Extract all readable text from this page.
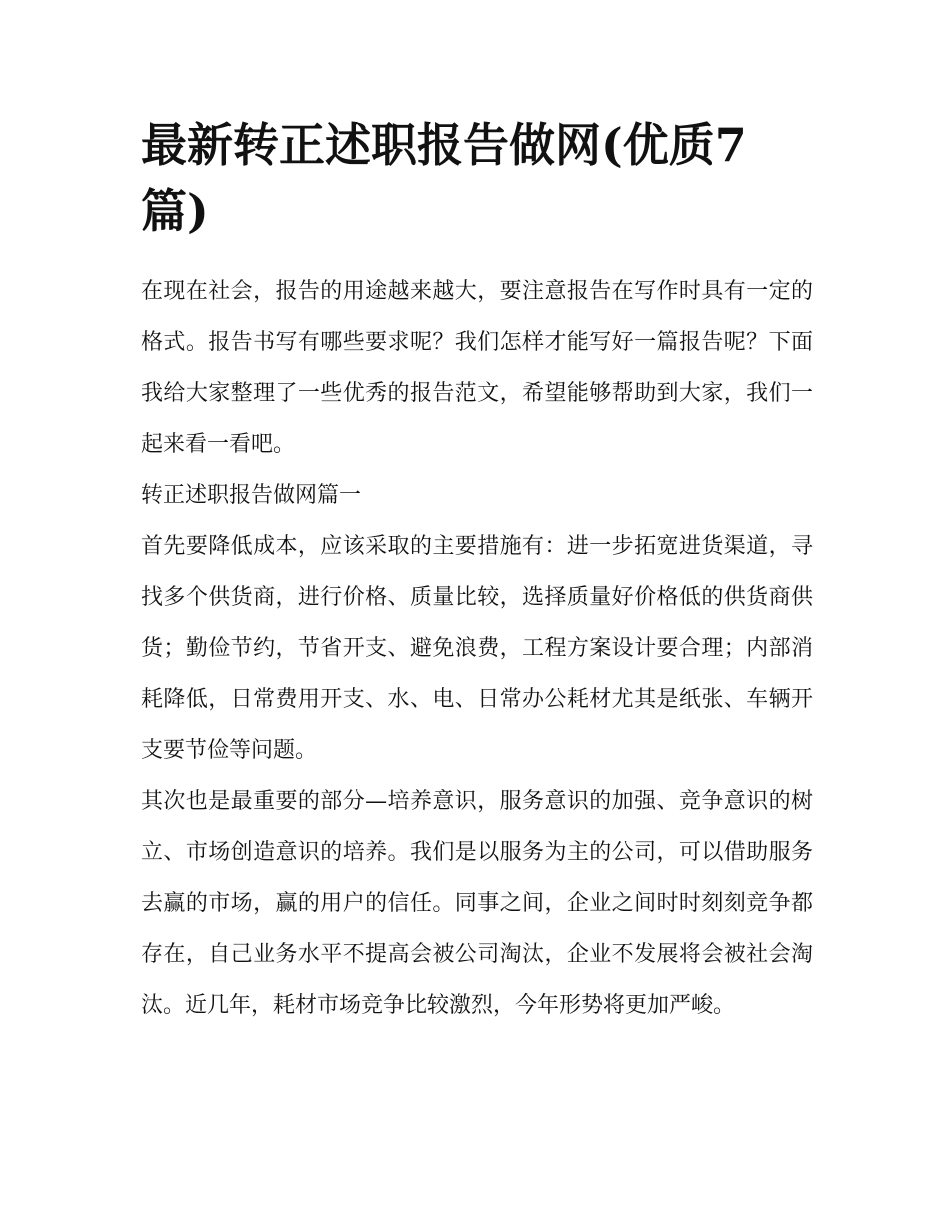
最新转正述职报告做网(优质7篇)

在现在社会，报告的用途越来越大，要注意报告在写作时具有一定的格式。报告书写有哪些要求呢？我们怎样才能写好一篇报告呢？下面我给大家整理了一些优秀的报告范文，希望能够帮助到大家，我们一起来看一看吧。

转正述职报告做网篇一

首先要降低成本，应该采取的主要措施有：进一步拓宽进货渠道，寻找多个供货商，进行价格、质量比较，选择质量好价格低的供货商供货；勤俭节约，节省开支、避免浪费，工程方案设计要合理；内部消耗降低，日常费用开支、水、电、日常办公耗材尤其是纸张、车辆开支要节俭等问题。

其次也是最重要的部分—培养意识，服务意识的加强、竞争意识的树立、市场创造意识的培养。我们是以服务为主的公司，可以借助服务去赢的市场，赢的用户的信任。同事之间，企业之间时时刻刻竞争都存在，自己业务水平不提高会被公司淘汰，企业不发展将会被社会淘汰。近几年，耗材市场竞争比较激烈，今年形势将更加严峻。
